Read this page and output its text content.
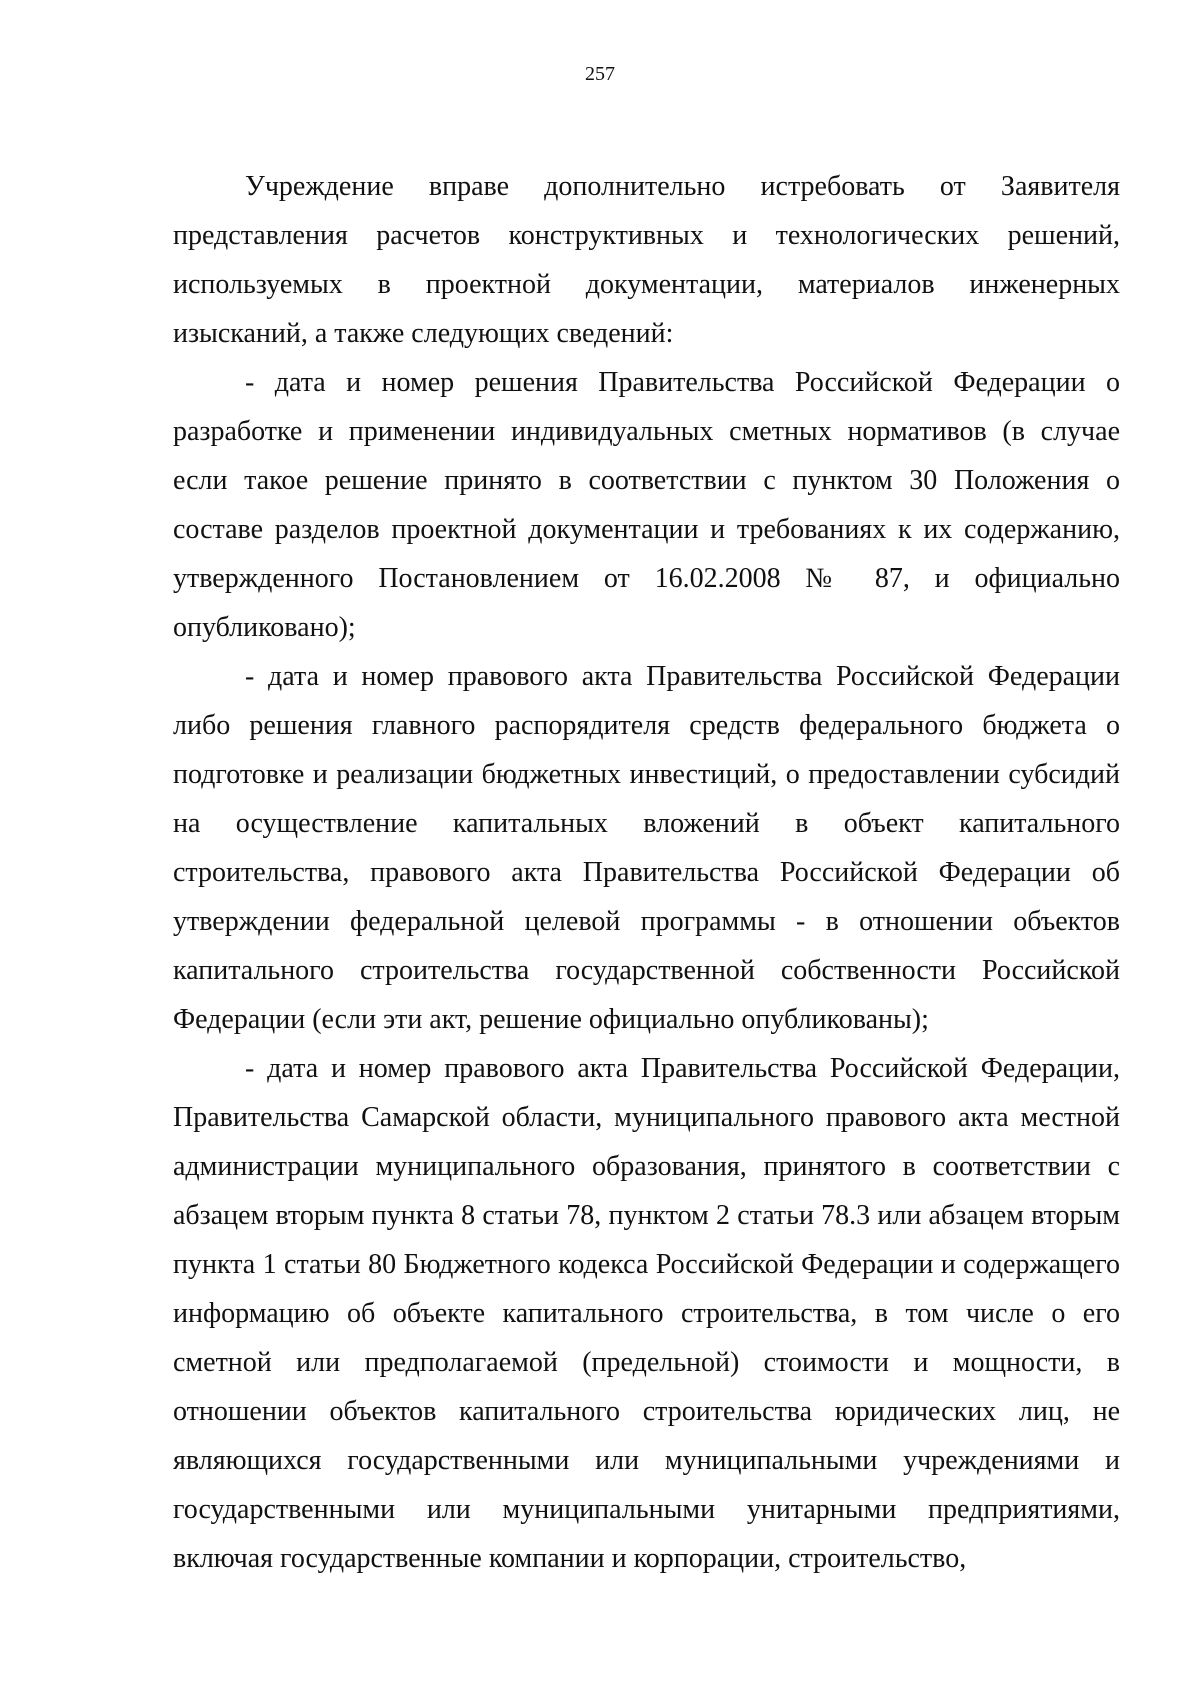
257

Учреждение вправе дополнительно истребовать от Заявителя представления расчетов конструктивных и технологических решений, используемых в проектной документации, материалов инженерных изысканий, а также следующих сведений:

- дата и номер решения Правительства Российской Федерации о разработке и применении индивидуальных сметных нормативов (в случае если такое решение принято в соответствии с пунктом 30 Положения о составе разделов проектной документации и требованиях к их содержанию, утвержденного Постановлением от 16.02.2008 № 87, и официально опубликовано);

- дата и номер правового акта Правительства Российской Федерации либо решения главного распорядителя средств федерального бюджета о подготовке и реализации бюджетных инвестиций, о предоставлении субсидий на осуществление капитальных вложений в объект капитального строительства, правового акта Правительства Российской Федерации об утверждении федеральной целевой программы - в отношении объектов капитального строительства государственной собственности Российской Федерации (если эти акт, решение официально опубликованы);

- дата и номер правового акта Правительства Российской Федерации, Правительства Самарской области, муниципального правового акта местной администрации муниципального образования, принятого в соответствии с абзацем вторым пункта 8 статьи 78, пунктом 2 статьи 78.3 или абзацем вторым пункта 1 статьи 80 Бюджетного кодекса Российской Федерации и содержащего информацию об объекте капитального строительства, в том числе о его сметной или предполагаемой (предельной) стоимости и мощности, в отношении объектов капитального строительства юридических лиц, не являющихся государственными или муниципальными учреждениями и государственными или муниципальными унитарными предприятиями, включая государственные компании и корпорации, строительство,
